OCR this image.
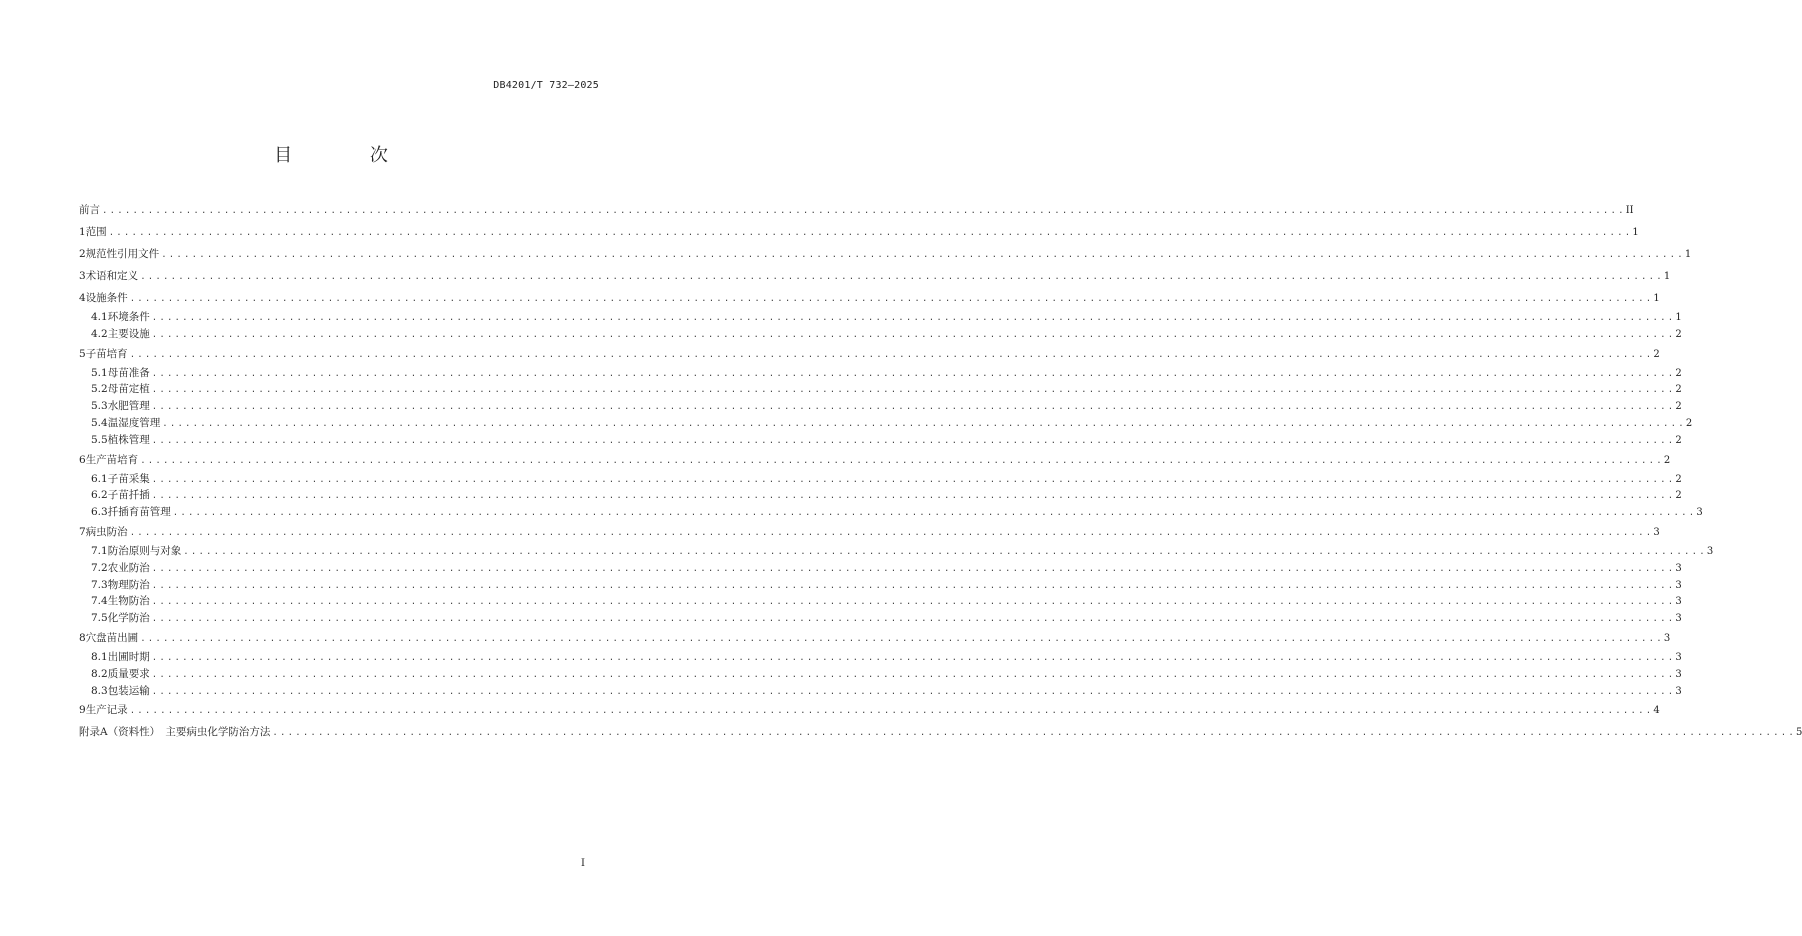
DB4201/T 732—2025
目 次
前言 ........................................................................................................................................................................................................ II
1 范围 ........................................................................................................................................................................................................ 1
2 规范性引用文件 ........................................................................................................................................................................................................ 1
3 术语和定义 ........................................................................................................................................................................................................ 1
4 设施条件 ........................................................................................................................................................................................................ 1
4.1 环境条件 ........................................................................................................................................................................................................ 1
4.2 主要设施 ........................................................................................................................................................................................................ 2
5 子苗培育 ........................................................................................................................................................................................................ 2
5.1 母苗准备 ........................................................................................................................................................................................................ 2
5.2 母苗定植 ........................................................................................................................................................................................................ 2
5.3 水肥管理 ........................................................................................................................................................................................................ 2
5.4 温湿度管理 ........................................................................................................................................................................................................ 2
5.5 植株管理 ........................................................................................................................................................................................................ 2
6 生产苗培育 ........................................................................................................................................................................................................ 2
6.1 子苗采集 ........................................................................................................................................................................................................ 2
6.2 子苗扦插 ........................................................................................................................................................................................................ 2
6.3 扦插育苗管理 ........................................................................................................................................................................................................ 3
7 病虫防治 ........................................................................................................................................................................................................ 3
7.1 防治原则与对象 ........................................................................................................................................................................................................ 3
7.2 农业防治 ........................................................................................................................................................................................................ 3
7.3 物理防治 ........................................................................................................................................................................................................ 3
7.4 生物防治 ........................................................................................................................................................................................................ 3
7.5 化学防治 ........................................................................................................................................................................................................ 3
8 穴盘苗出圃 ........................................................................................................................................................................................................ 3
8.1 出圃时期 ........................................................................................................................................................................................................ 3
8.2 质量要求 ........................................................................................................................................................................................................ 3
8.3 包装运输 ........................................................................................................................................................................................................ 3
9 生产记录 ........................................................................................................................................................................................................ 4
附录A（资料性）　主要病虫化学防治方法 ........................................................................................................................................................................................................ 5
I
